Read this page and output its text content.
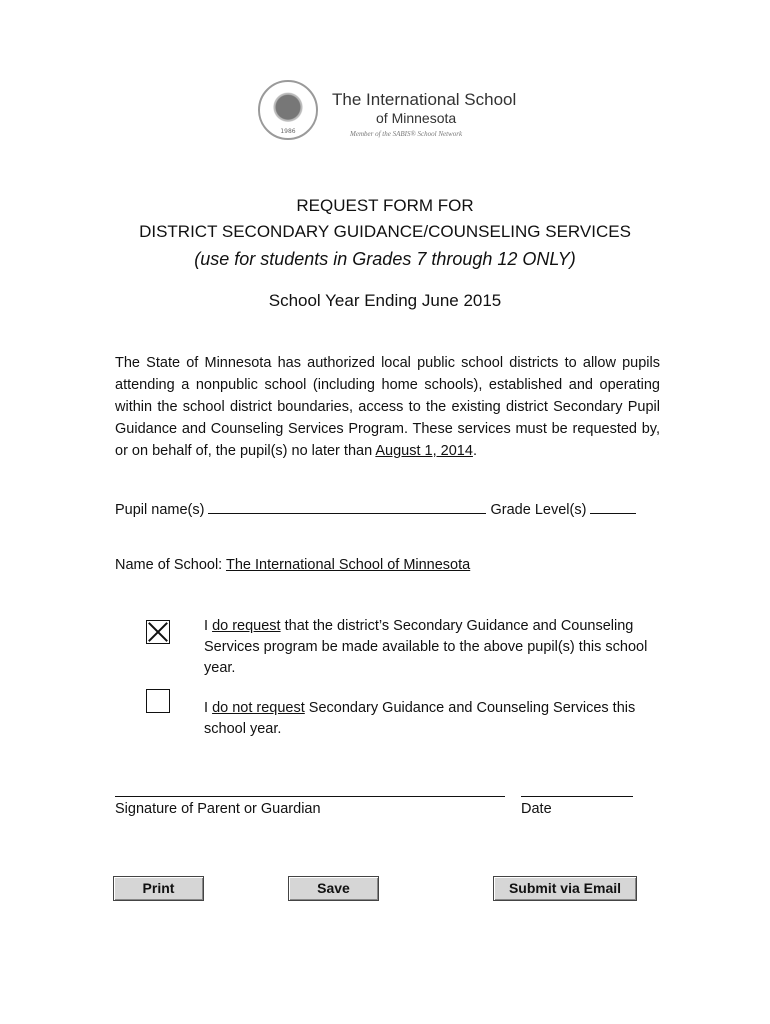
1986
The International School
of Minnesota
Member of the SABIS® School Network
REQUEST FORM FOR
DISTRICT SECONDARY GUIDANCE/COUNSELING SERVICES
(use for students in Grades 7 through 12 ONLY)
School Year Ending June 2015
The State of Minnesota has authorized local public school districts to allow pupils attending a nonpublic school (including home schools), established and operating within the school district boundaries, access to the existing district Secondary Pupil Guidance and Counseling Services Program. These services must be requested by, or on behalf of, the pupil(s) no later than August 1, 2014.
Pupil name(s)	Grade Level(s)
Name of School: The International School of Minnesota
I do request that the district’s Secondary Guidance and Counseling Services program be made available to the above pupil(s) this school year.
I do not request Secondary Guidance and Counseling Services this school year.
Signature of Parent or Guardian	Date
Print	Save	Submit via Email
